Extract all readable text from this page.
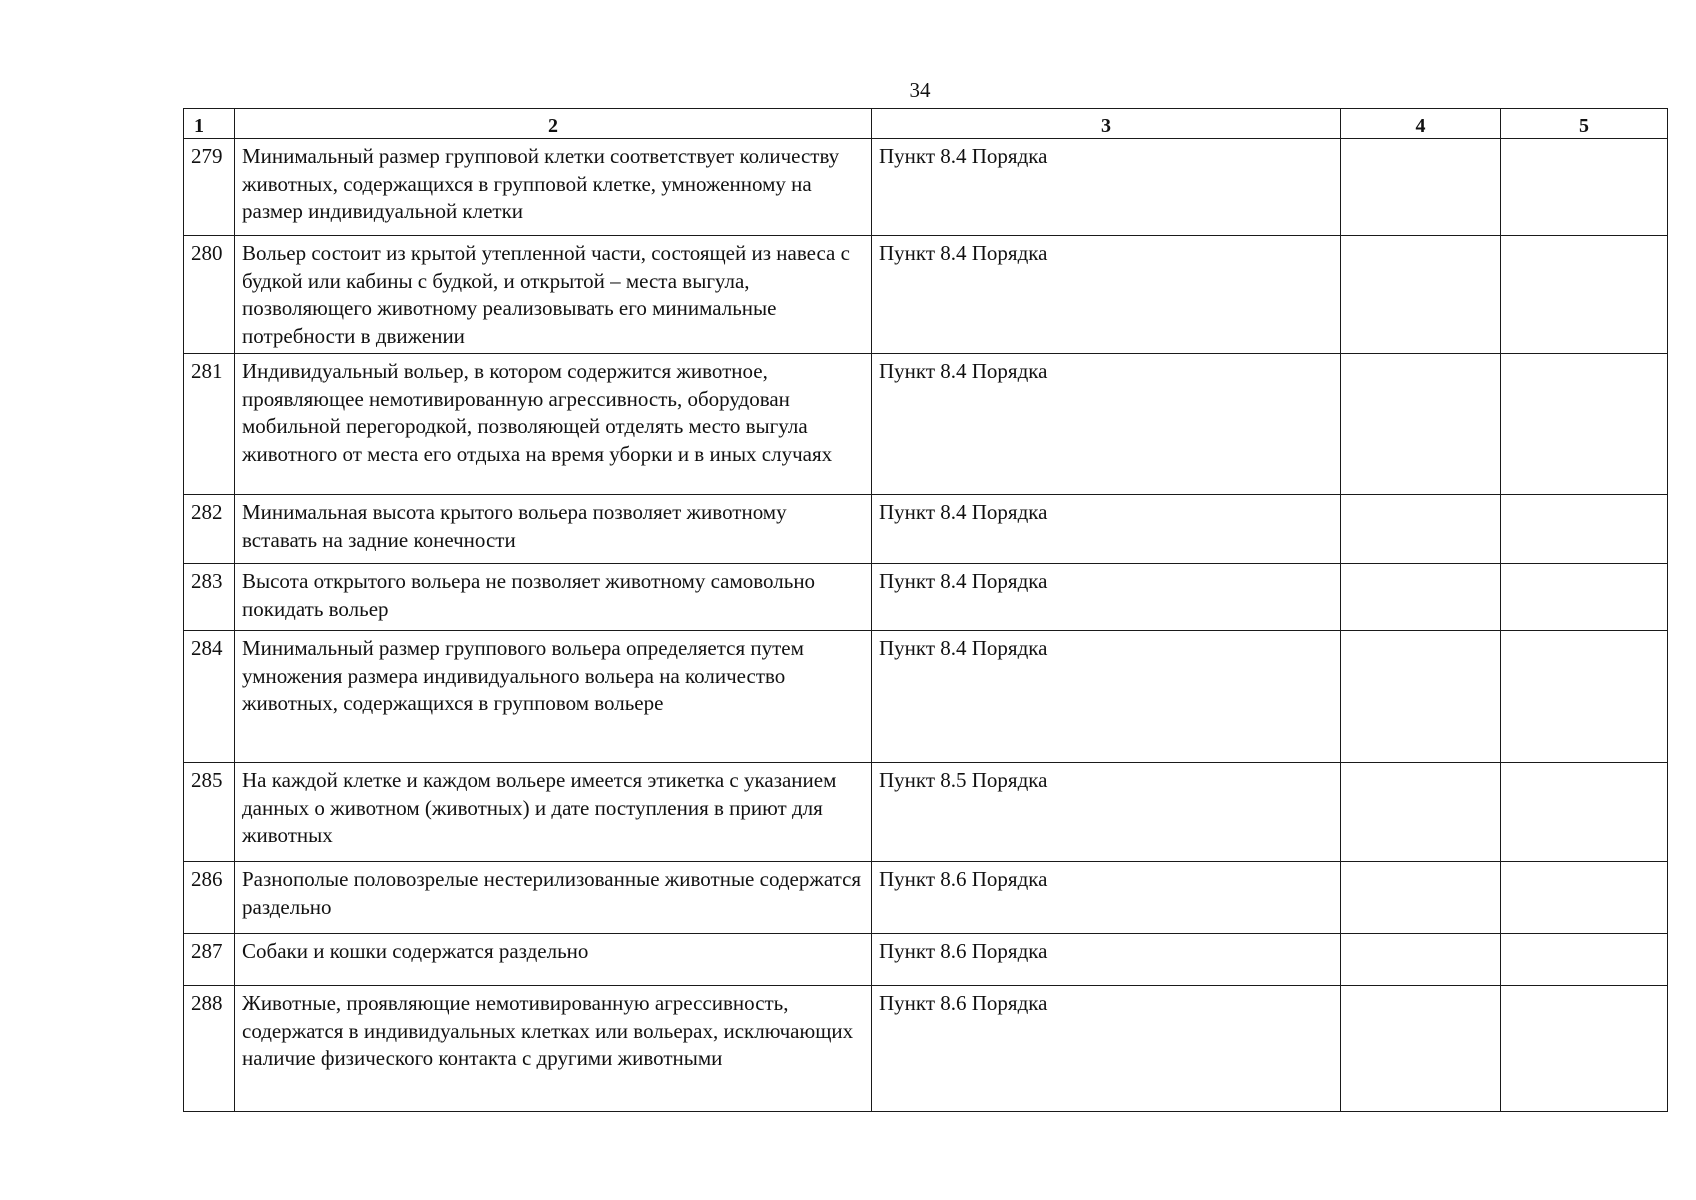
34
1	2	3	4	5
279	Минимальный размер групповой клетки соответствует количеству животных, содержащихся в групповой клетке, умноженному на размер индивидуальной клетки	Пункт 8.4 Порядка		
280	Вольер состоит из крытой утепленной части, состоящей из навеса с будкой или кабины с будкой, и открытой – места выгула, позволяющего животному реализовывать его минимальные потребности в движении	Пункт 8.4 Порядка		
281	Индивидуальный вольер, в котором содержится животное, проявляющее немотивированную агрессивность, оборудован мобильной перегородкой, позволяющей отделять место выгула животного от места его отдыха на время уборки и в иных случаях	Пункт 8.4 Порядка		
282	Минимальная высота крытого вольера позволяет животному вставать на задние конечности	Пункт 8.4 Порядка		
283	Высота открытого вольера не позволяет животному самовольно покидать вольер	Пункт 8.4 Порядка		
284	Минимальный размер группового вольера определяется путем умножения размера индивидуального вольера на количество животных, содержащихся в групповом вольере	Пункт 8.4 Порядка		
285	На каждой клетке и каждом вольере имеется этикетка с указанием данных о животном (животных) и дате поступления в приют для животных	Пункт 8.5 Порядка		
286	Разнополые половозрелые нестерилизованные животные содержатся раздельно	Пункт 8.6 Порядка		
287	Собаки и кошки содержатся раздельно	Пункт 8.6 Порядка		
288	Животные, проявляющие немотивированную агрессивность, содержатся в индивидуальных клетках или вольерах, исключающих наличие физического контакта с другими животными	Пункт 8.6 Порядка		
